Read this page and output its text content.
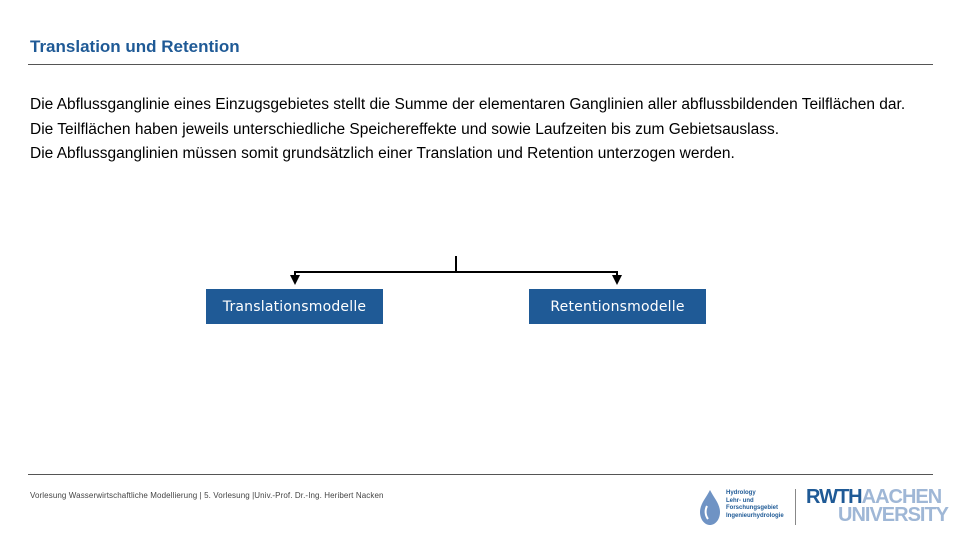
Translation und Retention

Die Abflussganglinie eines Einzugsgebietes stellt die Summe der elementaren Ganglinien aller abflussbildenden Teilflächen dar.

Die Teilflächen haben jeweils unterschiedliche Speichereffekte und sowie Laufzeiten bis zum Gebietsauslass.

Die Abflussganglinien müssen somit grundsätzlich einer Translation und Retention unterzogen werden.

Translationsmodelle	Retentionsmodelle
Vorlesung Wasserwirtschaftliche Modellierung | 5. Vorlesung |Univ.-Prof. Dr.-Ing. Heribert Nacken	Hydrology
Lehr- und
Forschungsgebiet
Ingenieurhydrologie
RWTHAACHEN
UNIVERSITY
